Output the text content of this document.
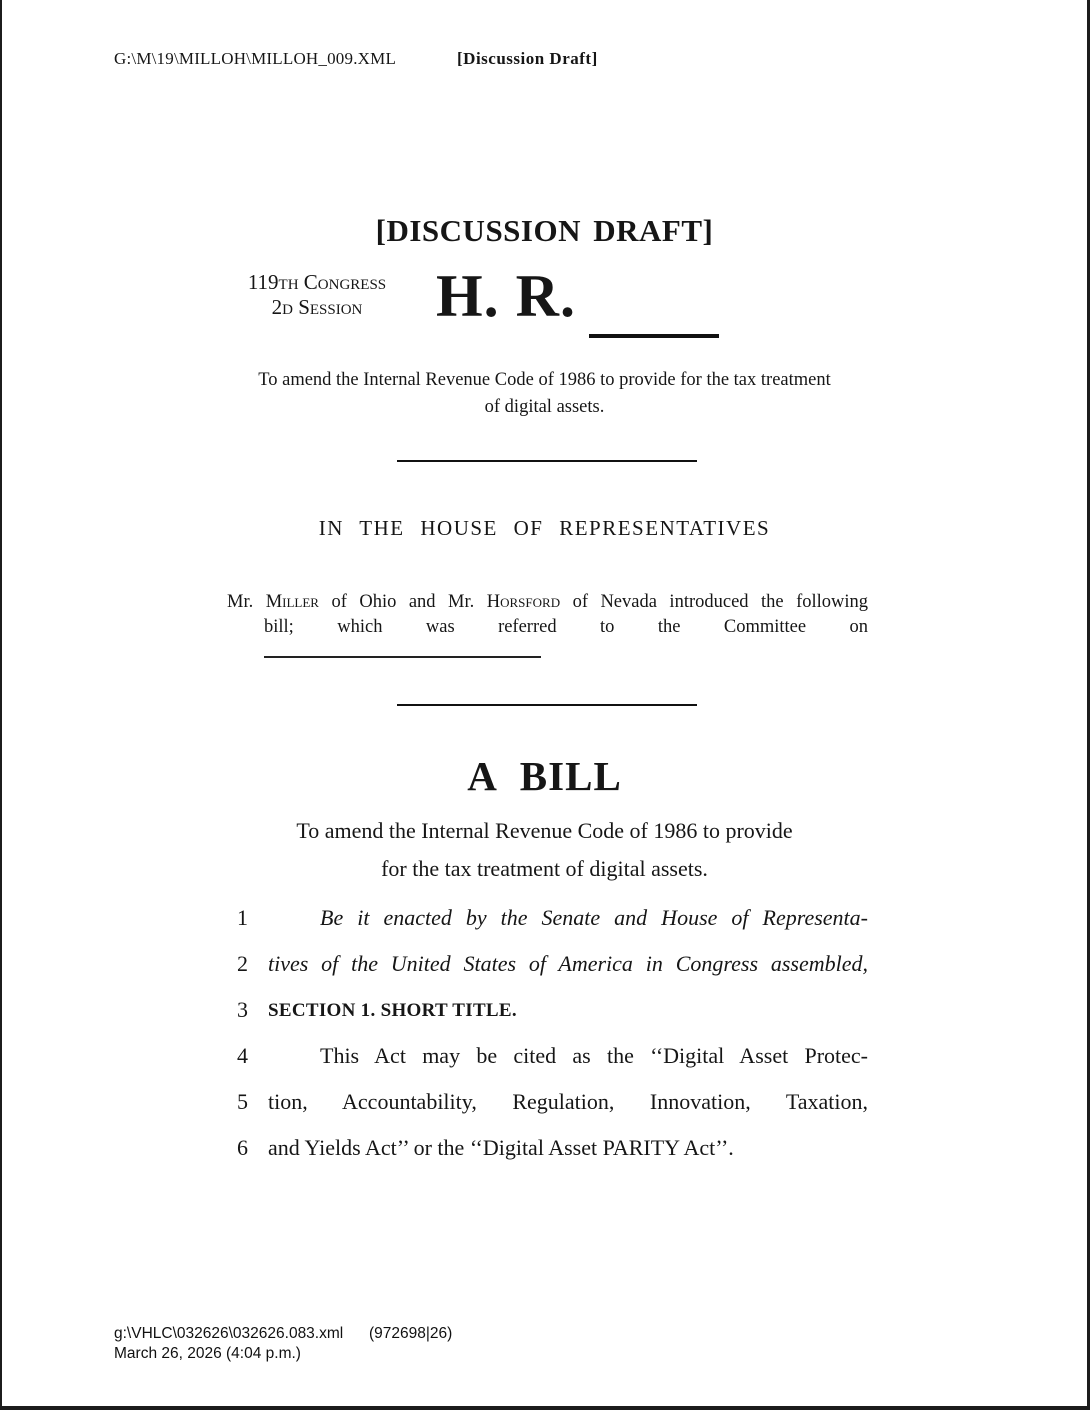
G:\M\19\MILLOH\MILLOH_009.XML	[Discussion Draft]
[DISCUSSION DRAFT]
119th Congress
2d Session	H. R.
To amend the Internal Revenue Code of 1986 to provide for the tax treatment
of digital assets.
IN THE HOUSE OF REPRESENTATIVES
Mr. Miller of Ohio and Mr. Horsford of Nevada introduced the following
bill; which was referred to the Committee on
A BILL
To amend the Internal Revenue Code of 1986 to provide
for the tax treatment of digital assets.
1	Be it enacted by the Senate and House of Representa-
2 tives of the United States of America in Congress assembled,
3	SECTION 1. SHORT TITLE.
4	This Act may be cited as the ‘‘Digital Asset Protec-
5 tion, Accountability, Regulation, Innovation, Taxation,
6 and Yields Act’’ or the ‘‘Digital Asset PARITY Act’’.
g:\VHLC\032626\032626.083.xml (972698|26)
March 26, 2026 (4:04 p.m.)
